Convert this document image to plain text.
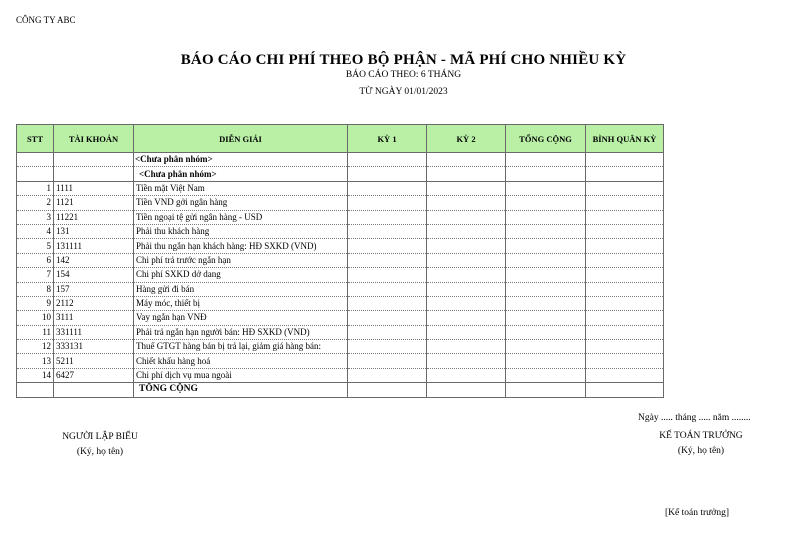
CÔNG TY ABC
BÁO CÁO CHI PHÍ THEO BỘ PHẬN - MÃ PHÍ CHO NHIỀU KỲ
BÁO CÁO THEO: 6 THÁNG
TỪ NGÀY 01/01/2023
STT	TÀI KHOẢN	DIỄN GIẢI	KỲ 1	KỲ 2	TỔNG CỘNG	BÌNH QUÂN KỲ
		<Chưa phân nhóm>				
		<Chưa phân nhóm>				
1	1111	Tiền mặt Việt Nam				
2	1121	Tiền VND gởi ngân hàng				
3	11221	Tiền ngoại tệ gửi ngân hàng - USD				
4	131	Phải thu khách hàng				
5	131111	Phải thu ngắn hạn khách hàng: HĐ SXKD (VND)				
6	142	Chi phí trả trước ngắn hạn				
7	154	Chi phí SXKD dở dang				
8	157	Hàng gửi đi bán				
9	2112	Máy móc, thiết bị				
10	3111	Vay ngắn hạn VNĐ				
11	331111	Phải trả ngắn hạn người bán: HĐ SXKD (VND)				
12	333131	Thuế GTGT hàng bán bị trả lại, giảm giá hàng bán:				
13	5211	Chiết khấu hàng hoá				
14	6427	Chi phí dịch vụ mua ngoài				
		TỔNG CỘNG				
Ngày ..... tháng ..... năm ........
NGƯỜI LẬP BIỂU
(Ký, họ tên)
KẾ TOÁN TRƯỞNG
(Ký, họ tên)
[Kế toán trưởng]
